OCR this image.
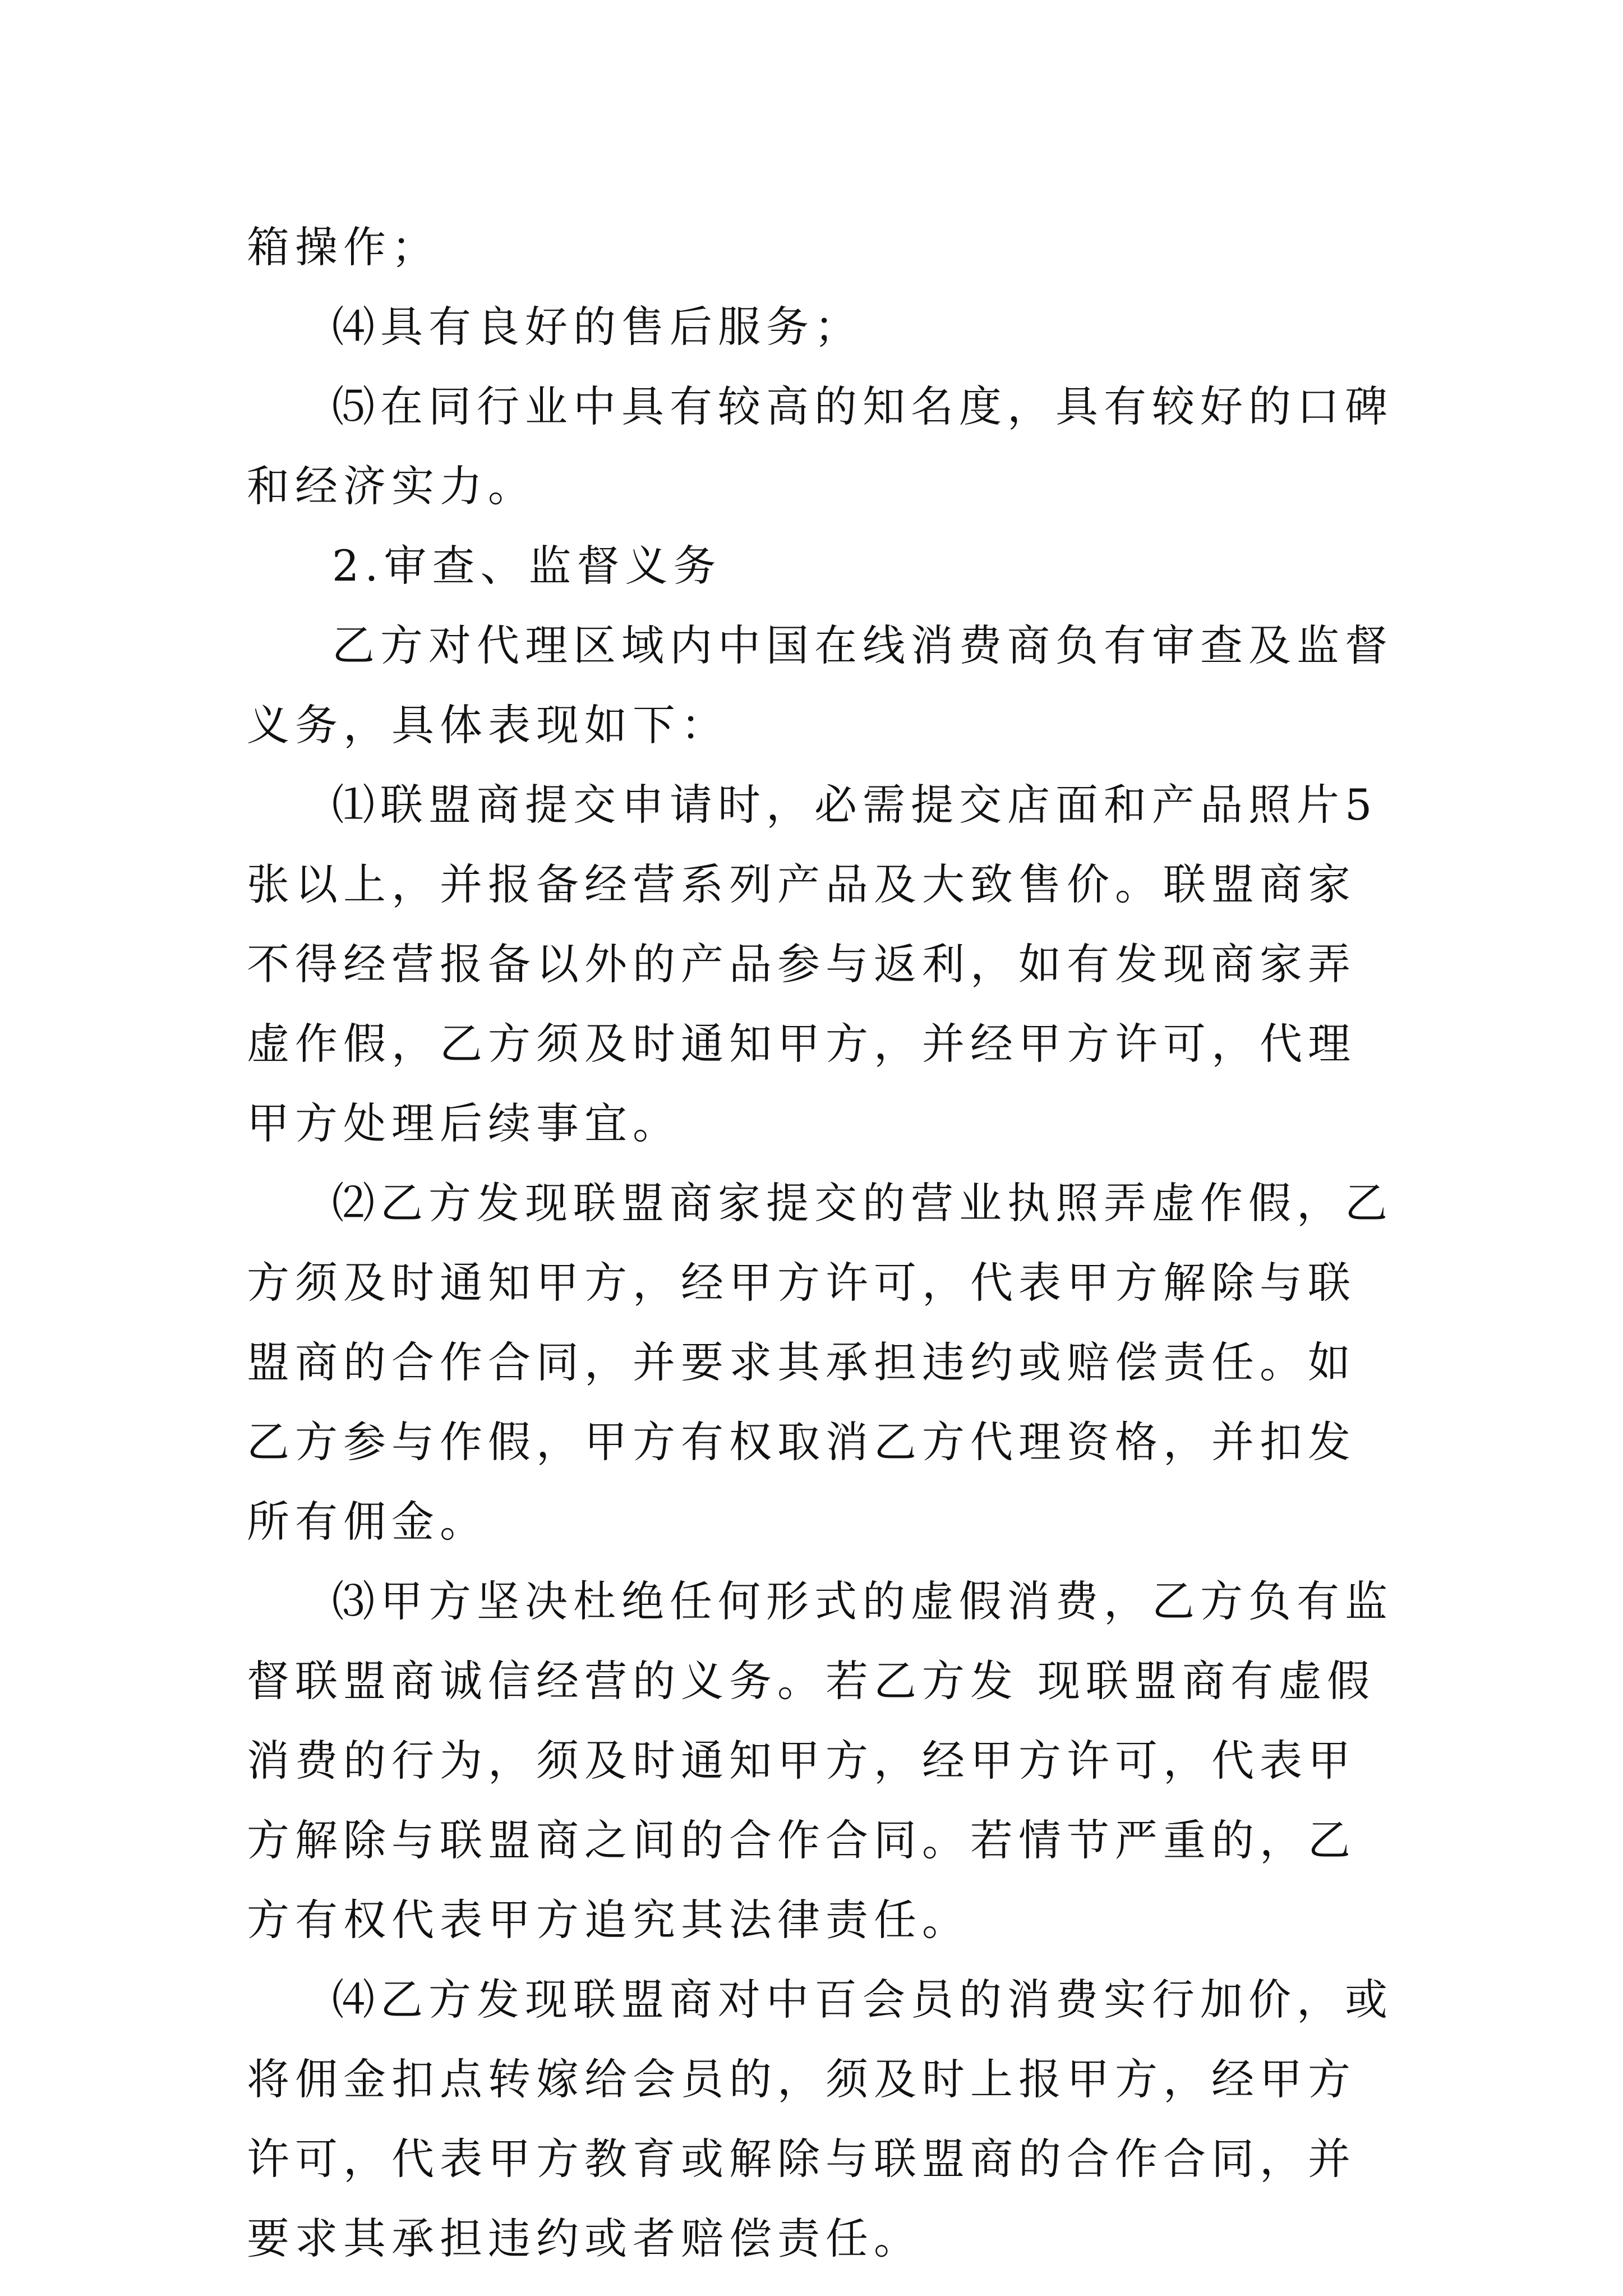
箱操作；

⑷具有良好的售后服务；

⑸在同行业中具有较高的知名度，具有较好的口碑和经济实力。

2.审查、监督义务

乙方对代理区域内中国在线消费商负有审查及监督义务，具体表现如下：

⑴联盟商提交申请时，必需提交店面和产品照片5张以上，并报备经营系列产品及大致售价。联盟商家不得经营报备以外的产品参与返利，如有发现商家弄虚作假，乙方须及时通知甲方，并经甲方许可，代理甲方处理后续事宜。

⑵乙方发现联盟商家提交的营业执照弄虚作假，乙方须及时通知甲方，经甲方许可，代表甲方解除与联盟商的合作合同，并要求其承担违约或赔偿责任。如乙方参与作假，甲方有权取消乙方代理资格，并扣发所有佣金。

⑶甲方坚决杜绝任何形式的虚假消费，乙方负有监督联盟商诚信经营的义务。若乙方发 现联盟商有虚假消费的行为，须及时通知甲方，经甲方许可，代表甲方解除与联盟商之间的合作合同。若情节严重的，乙方有权代表甲方追究其法律责任。

⑷乙方发现联盟商对中百会员的消费实行加价，或将佣金扣点转嫁给会员的，须及时上报甲方，经甲方许可，代表甲方教育或解除与联盟商的合作合同，并要求其承担违约或者赔偿责任。
